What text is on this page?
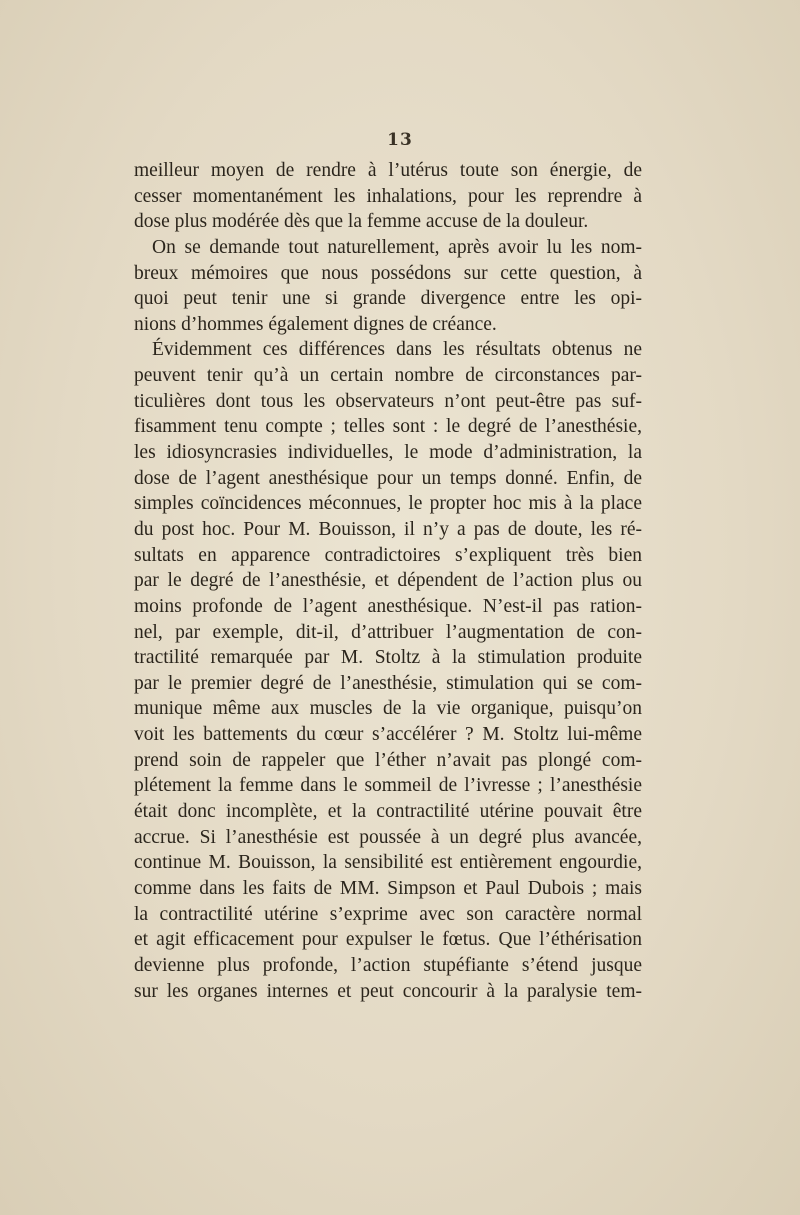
13
meilleur moyen de rendre à l’utérus toute son énergie, de
cesser momentanément les inhalations, pour les reprendre à
dose plus modérée dès que la femme accuse de la douleur.
On se demande tout naturellement, après avoir lu les nom-
breux mémoires que nous possédons sur cette question, à
quoi peut tenir une si grande divergence entre les opi-
nions d’hommes également dignes de créance.
Évidemment ces différences dans les résultats obtenus ne
peuvent tenir qu’à un certain nombre de circonstances par-
ticulières dont tous les observateurs n’ont peut-être pas suf-
fisamment tenu compte ; telles sont : le degré de l’anesthésie,
les idiosyncrasies individuelles, le mode d’administration, la
dose de l’agent anesthésique pour un temps donné. Enfin, de
simples coïncidences méconnues, le propter hoc mis à la place
du post hoc. Pour M. Bouisson, il n’y a pas de doute, les ré-
sultats en apparence contradictoires s’expliquent très bien
par le degré de l’anesthésie, et dépendent de l’action plus ou
moins profonde de l’agent anesthésique. N’est-il pas ration-
nel, par exemple, dit-il, d’attribuer l’augmentation de con-
tractilité remarquée par M. Stoltz à la stimulation produite
par le premier degré de l’anesthésie, stimulation qui se com-
munique même aux muscles de la vie organique, puisqu’on
voit les battements du cœur s’accélérer ? M. Stoltz lui-même
prend soin de rappeler que l’éther n’avait pas plongé com-
plétement la femme dans le sommeil de l’ivresse ; l’anesthésie
était donc incomplète, et la contractilité utérine pouvait être
accrue. Si l’anesthésie est poussée à un degré plus avancée,
continue M. Bouisson, la sensibilité est entièrement engourdie,
comme dans les faits de MM. Simpson et Paul Dubois ; mais
la contractilité utérine s’exprime avec son caractère normal
et agit efficacement pour expulser le fœtus. Que l’éthérisation
devienne plus profonde, l’action stupéfiante s’étend jusque
sur les organes internes et peut concourir à la paralysie tem-
